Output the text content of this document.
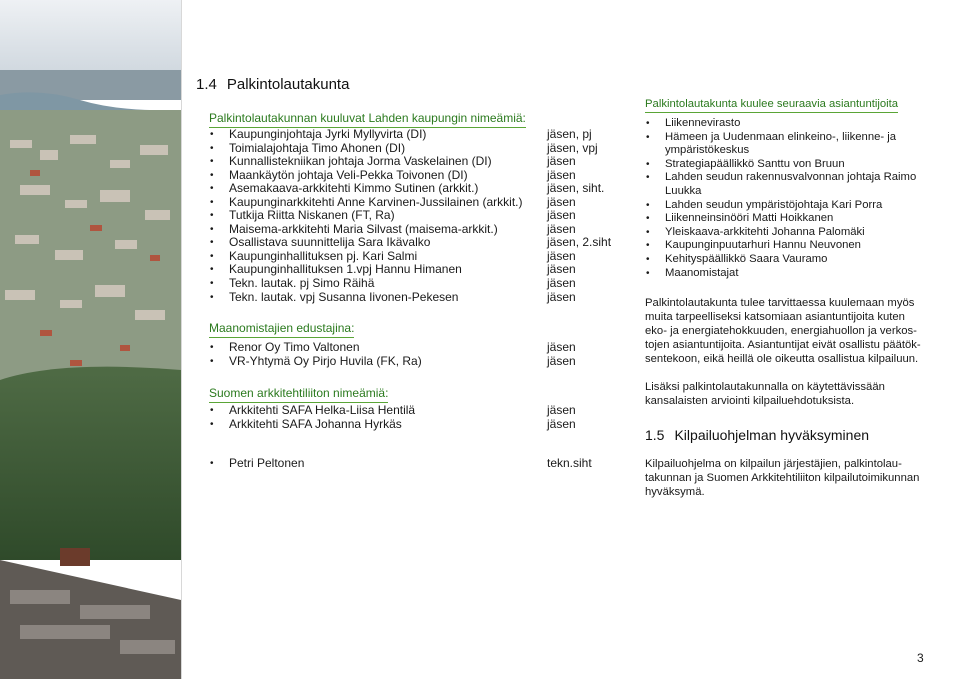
1.4 Palkintolautakunta
Palkintolautakunnan kuuluvat Lahden kaupungin nimeämiä:
• Kaupunginjohtaja Jyrki Myllyvirta (DI)	jäsen, pj
• Toimialajohtaja Timo Ahonen (DI)	jäsen, vpj
• Kunnallistekniikan johtaja Jorma Vaskelainen (DI)	jäsen
• Maankäytön johtaja Veli-Pekka Toivonen (DI)	jäsen
• Asemakaava-arkkitehti Kimmo Sutinen (arkkit.)	jäsen, siht.
• Kaupunginarkkitehti Anne Karvinen-Jussilainen (arkkit.) jäsen
• Tutkija Riitta Niskanen (FT, Ra)	jäsen
• Maisema-arkkitehti Maria Silvast (maisema-arkkit.)	jäsen
• Osallistava suunnittelija Sara Ikävalko	jäsen, 2.siht
• Kaupunginhallituksen pj. Kari Salmi	jäsen
• Kaupunginhallituksen 1.vpj Hannu Himanen	jäsen
• Tekn. lautak. pj Simo Räihä	jäsen
• Tekn. lautak. vpj Susanna Iivonen-Pekesen	jäsen
Maanomistajien edustajina:
• Renor Oy Timo Valtonen	jäsen
• VR-Yhtymä Oy Pirjo Huvila (FK, Ra)	jäsen
Suomen arkkitehtiliiton nimeämiä:
• Arkkitehti SAFA Helka-Liisa Hentilä	jäsen
• Arkkitehti SAFA Johanna Hyrkäs	jäsen
• Petri Peltonen	tekn.siht
Palkintolautakunta kuulee seuraavia asiantuntijoita
• Liikennevirasto
• Hämeen ja Uudenmaan elinkeino-, liikenne- ja ympäristökeskus
• Strategiapäällikkö Santtu von Bruun
• Lahden seudun rakennusvalvonnan johtaja Raimo Luukka
• Lahden seudun ympäristöjohtaja Kari Porra
• Liikenneinsinööri Matti Hoikkanen
• Yleiskaava-arkkitehti Johanna Palomäki
• Kaupunginpuutarhuri Hannu Neuvonen
• Kehityspäällikkö Saara Vauramo
• Maanomistajat
Palkintolautakunta tulee tarvittaessa kuulemaan myös
muita tarpeelliseksi katsomiaan asiantuntijoita kuten
eko- ja energiatehokkuuden, energiahuollon ja verkos-
tojen asiantuntijoita. Asiantuntijat eivät osallistu päätök-
sentekoon, eikä heillä ole oikeutta osallistua kilpailuun.
Lisäksi palkintolautakunnalla on käytettävissään
kansalaisten arviointi kilpailuehdotuksista.
1.5 Kilpailuohjelman hyväksyminen
Kilpailuohjelma on kilpailun järjestäjien, palkintolau-
takunnan ja Suomen Arkkitehtiliiton kilpailutoimikunnan
hyväksymä.
3
